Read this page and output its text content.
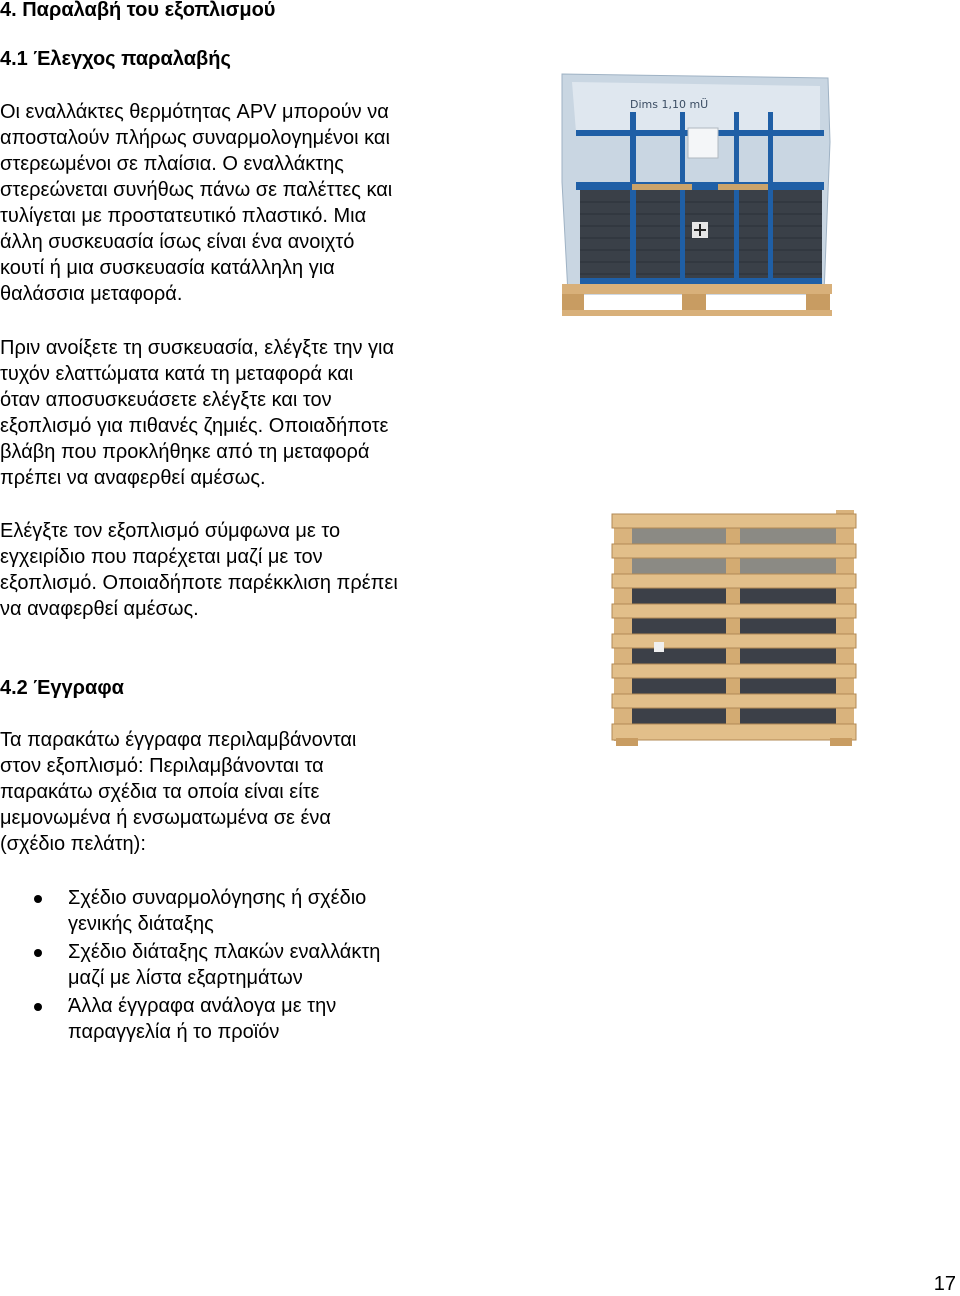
4. Παραλαβή του εξοπλισμού
4.1 Έλεγχος παραλαβής
Οι εναλλάκτες θερμότητας APV μπορούν να
αποσταλούν πλήρως συναρμολογημένοι και
στερεωμένοι σε πλαίσια. Ο εναλλάκτης
στερεώνεται συνήθως πάνω σε παλέττες και
τυλίγεται με προστατευτικό πλαστικό. Μια
άλλη συσκευασία ίσως είναι ένα ανοιχτό
κουτί ή μια συσκευασία κατάλληλη για
θαλάσσια μεταφορά.
Πριν ανοίξετε τη συσκευασία, ελέγξτε την για
τυχόν ελαττώματα κατά τη μεταφορά και
όταν αποσυσκευάσετε ελέγξτε και τον
εξοπλισμό για πιθανές ζημιές. Οποιαδήποτε
βλάβη που προκλήθηκε από τη μεταφορά
πρέπει να αναφερθεί αμέσως.
Ελέγξτε τον εξοπλισμό σύμφωνα με το
εγχειρίδιο που παρέχεται μαζί με τον
εξοπλισμό. Οποιαδήποτε παρέκκλιση πρέπει
να αναφερθεί αμέσως.
4.2 Έγγραφα
Τα παρακάτω έγγραφα περιλαμβάνονται
στον εξοπλισμό: Περιλαμβάνονται τα
παρακάτω σχέδια τα οποία είναι είτε
μεμονωμένα ή ενσωματωμένα σε ένα
(σχέδιο πελάτη):
Σχέδιο συναρμολόγησης ή σχέδιο
γενικής διάταξης
Σχέδιο διάταξης πλακών εναλλάκτη
μαζί με λίστα εξαρτημάτων
Άλλα έγγραφα ανάλογα με την
παραγγελία ή το προϊόν
Dims 1,10 mÜ
17
